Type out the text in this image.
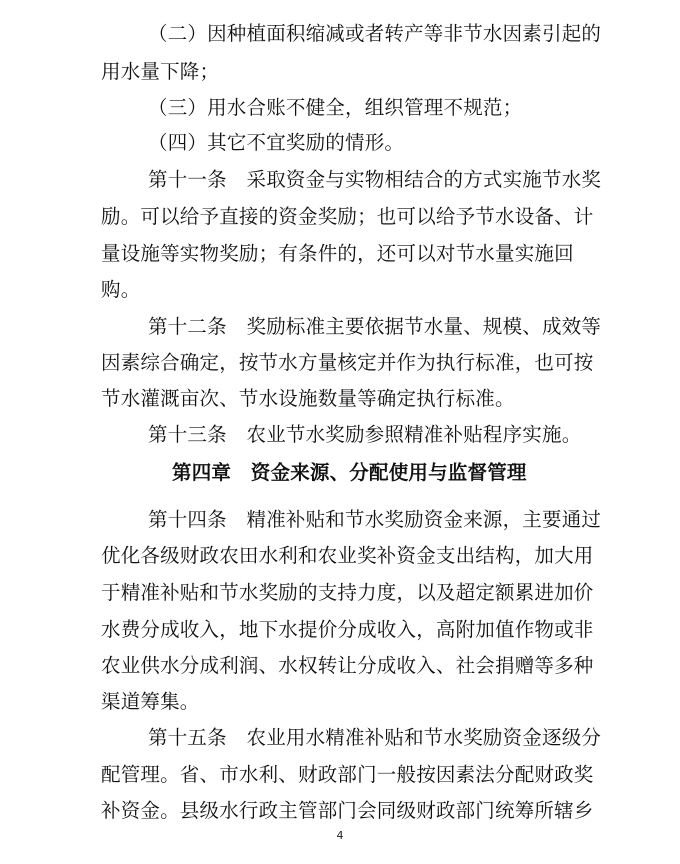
（二）因种植面积缩减或者转产等非节水因素引起的
用水量下降；
（三）用水合账不健全，组织管理不规范；
（四）其它不宜奖励的情形。
第十一条　采取资金与实物相结合的方式实施节水奖
励。可以给予直接的资金奖励；也可以给予节水设备、计
量设施等实物奖励；有条件的，还可以对节水量实施回
购。
第十二条　奖励标准主要依据节水量、规模、成效等
因素综合确定，按节水方量核定并作为执行标准，也可按
节水灌溉亩次、节水设施数量等确定执行标准。
第十三条　农业节水奖励参照精准补贴程序实施。
第四章　资金来源、分配使用与监督管理
第十四条　精准补贴和节水奖励资金来源，主要通过
优化各级财政农田水利和农业奖补资金支出结构，加大用
于精准补贴和节水奖励的支持力度，以及超定额累进加价
水费分成收入，地下水提价分成收入，高附加值作物或非
农业供水分成利润、水权转让分成收入、社会捐赠等多种
渠道筹集。
第十五条　农业用水精准补贴和节水奖励资金逐级分
配管理。省、市水利、财政部门一般按因素法分配财政奖
补资金。县级水行政主管部门会同级财政部门统筹所辖乡
4
